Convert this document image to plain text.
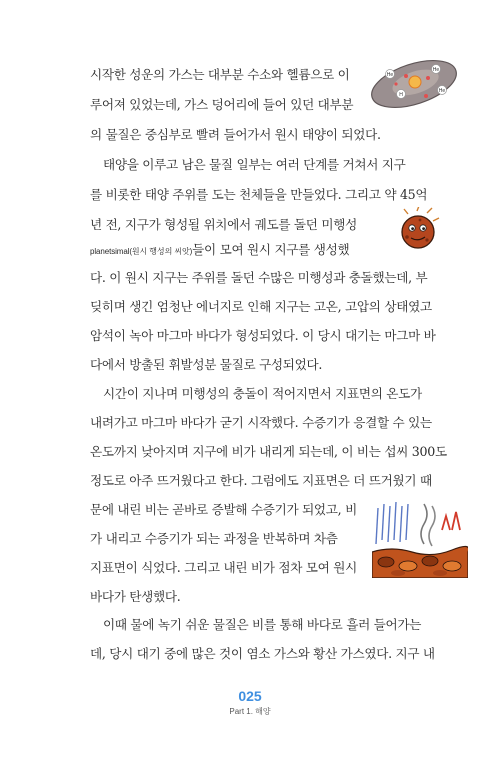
시작한 성운의 가스는 대부분 수소와 헬륨으로 이
루어져 있었는데, 가스 덩어리에 들어 있던 대부분
의 물질은 중심부로 빨려 들어가서 원시 태양이 되었다.
태양을 이루고 남은 물질 일부는 여러 단계를 거쳐서 지구
를 비롯한 태양 주위를 도는 천체들을 만들었다. 그리고 약 45억
년 전, 지구가 형성될 위치에서 궤도를 돌던 미행성
planetsimal(원시 행성의 씨앗)들이 모여 원시 지구를 생성했
다. 이 원시 지구는 주위를 돌던 수많은 미행성과 충돌했는데, 부
딪히며 생긴 엄청난 에너지로 인해 지구는 고온, 고압의 상태였고
암석이 녹아 마그마 바다가 형성되었다. 이 당시 대기는 마그마 바
다에서 방출된 휘발성분 물질로 구성되었다.
시간이 지나며 미행성의 충돌이 적어지면서 지표면의 온도가
내려가고 마그마 바다가 굳기 시작했다. 수증기가 응결할 수 있는
온도까지 낮아지며 지구에 비가 내리게 되는데, 이 비는 섭씨 300도
정도로 아주 뜨거웠다고 한다. 그럼에도 지표면은 더 뜨거웠기 때
문에 내린 비는 곧바로 증발해 수증기가 되었고, 비
가 내리고 수증기가 되는 과정을 반복하며 차츰
지표면이 식었다. 그리고 내린 비가 점차 모여 원시
바다가 탄생했다.
이때 물에 녹기 쉬운 물질은 비를 통해 바다로 흘러 들어가는
데, 당시 대기 중에 많은 것이 염소 가스와 황산 가스였다. 지구 내
He
He
H
He
025
Part 1. 해양
